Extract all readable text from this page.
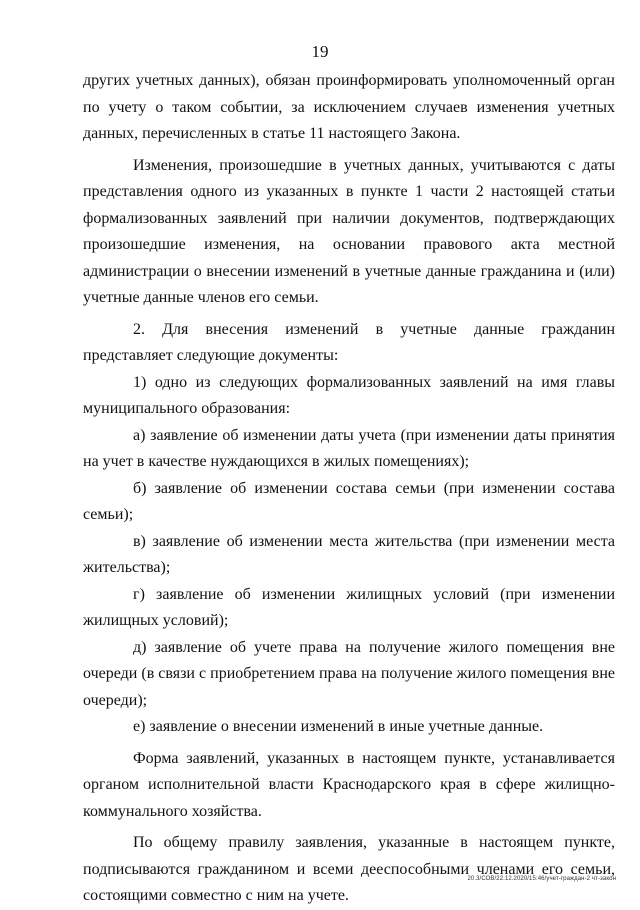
19

других учетных данных), обязан проинформировать уполномоченный орган по учету о таком событии, за исключением случаев изменения учетных данных, перечисленных в статье 11 настоящего Закона.

Изменения, произошедшие в учетных данных, учитываются с даты представления одного из указанных в пункте 1 части 2 настоящей статьи формализованных заявлений при наличии документов, подтверждающих произошедшие изменения, на основании правового акта местной администрации о внесении изменений в учетные данные гражданина и (или) учетные данные членов его семьи.

2. Для внесения изменений в учетные данные гражданин представляет следующие документы:

1) одно из следующих формализованных заявлений на имя главы муниципального образования:

а) заявление об изменении даты учета (при изменении даты принятия на учет в качестве нуждающихся в жилых помещениях);

б) заявление об изменении состава семьи (при изменении состава семьи);

в) заявление об изменении места жительства (при изменении места жительства);

г) заявление об изменении жилищных условий (при изменении жилищных условий);

д) заявление об учете права на получение жилого помещения вне очереди (в связи с приобретением права на получение жилого помещения вне очереди);

е) заявление о внесении изменений в иные учетные данные.

Форма заявлений, указанных в настоящем пункте, устанавливается органом исполнительной власти Краснодарского края в сфере жилищно-коммунального хозяйства.

По общему правилу заявления, указанные в настоящем пункте, подписываются гражданином и всеми дееспособными членами его семьи, состоящими совместно с ним на учете.

20.3/СОВ/22.12.2020/15:46/учет-граждан-2 чт-закон
